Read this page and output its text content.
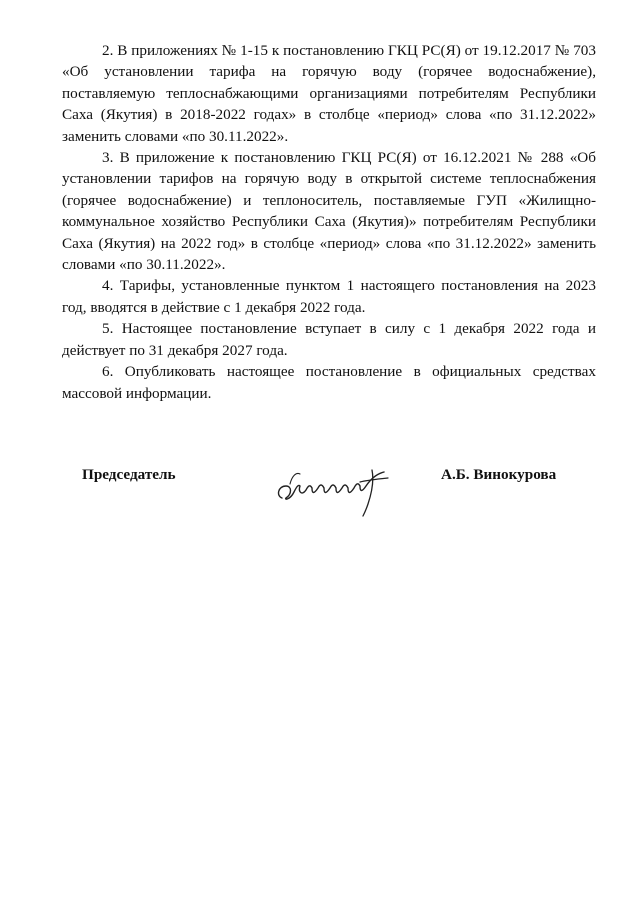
2. В приложениях № 1-15 к постановлению ГКЦ РС(Я) от 19.12.2017 № 703 «Об установлении тарифа на горячую воду (горячее водоснабжение), поставляемую теплоснабжающими организациями потребителям Республики Саха (Якутия) в 2018-2022 годах» в столбце «период» слова «по 31.12.2022» заменить словами «по 30.11.2022».

3. В приложение к постановлению ГКЦ РС(Я) от 16.12.2021 № 288 «Об установлении тарифов на горячую воду в открытой системе теплоснабжения (горячее водоснабжение) и теплоноситель, поставляемые ГУП «Жилищно-коммунальное хозяйство Республики Саха (Якутия)» потребителям Республики Саха (Якутия) на 2022 год» в столбце «период» слова «по 31.12.2022» заменить словами «по 30.11.2022».

4. Тарифы, установленные пунктом 1 настоящего постановления на 2023 год, вводятся в действие с 1 декабря 2022 года.

5. Настоящее постановление вступает в силу с 1 декабря 2022 года и действует по 31 декабря 2027 года.

6. Опубликовать настоящее постановление в официальных средствах массовой информации.

Председатель	А.Б. Винокурова
